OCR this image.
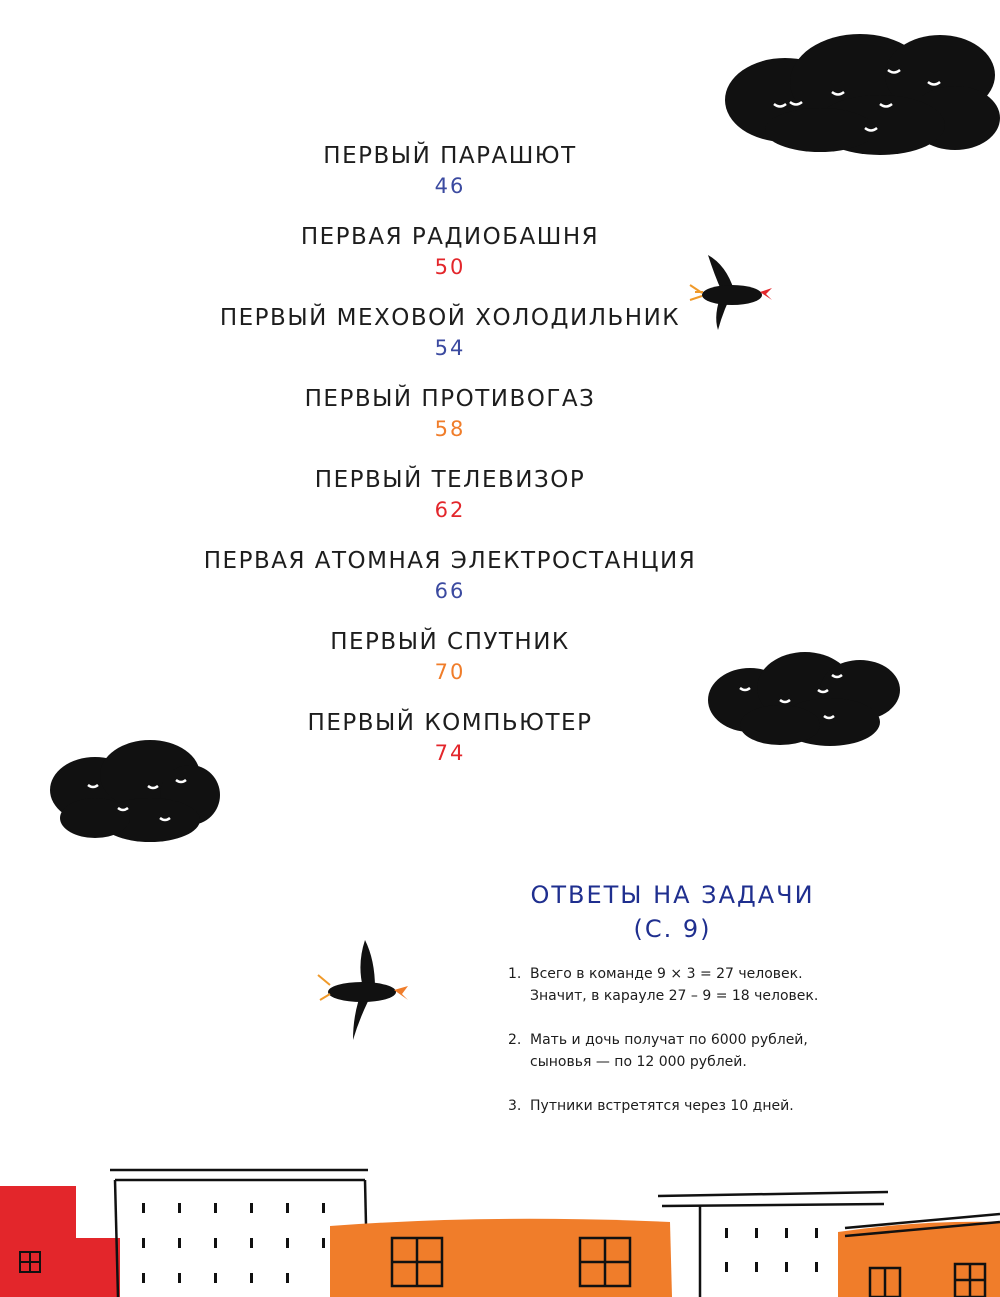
ПЕРВЫЙ ПАРАШЮТ
46
ПЕРВАЯ РАДИОБАШНЯ
50
ПЕРВЫЙ МЕХОВОЙ ХОЛОДИЛЬНИК
54
ПЕРВЫЙ ПРОТИВОГАЗ
58
ПЕРВЫЙ ТЕЛЕВИЗОР
62
ПЕРВАЯ АТОМНАЯ ЭЛЕКТРОСТАНЦИЯ
66
ПЕРВЫЙ СПУТНИК
70
ПЕРВЫЙ КОМПЬЮТЕР
74
ОТВЕТЫ НА ЗАДАЧИ
(С. 9)
1. Всего в команде 9 × 3 = 27 человек.
Значит, в карауле 27 – 9 = 18 человек.
2. Мать и дочь получат по 6000 рублей,
сыновья — по 12 000 рублей.
3. Путники встретятся через 10 дней.
